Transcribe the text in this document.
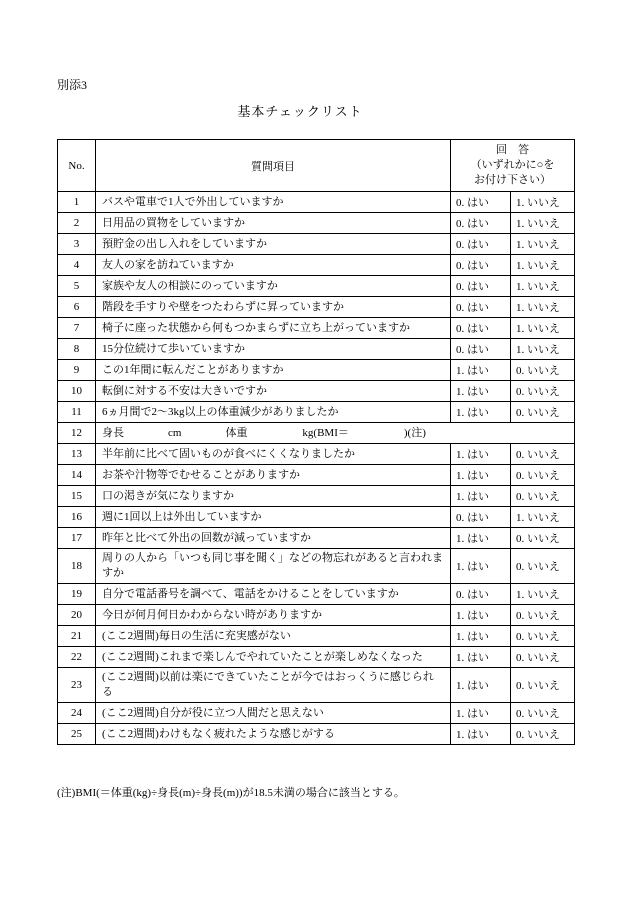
別添3
基本チェックリスト
No.	質問項目	回　答
（いずれかに○を
お付け下さい）	

1	バスや電車で1人で外出していますか	0. はい	1. いいえ
2	日用品の買物をしていますか	0. はい	1. いいえ
3	預貯金の出し入れをしていますか	0. はい	1. いいえ
4	友人の家を訪ねていますか	0. はい	1. いいえ
5	家族や友人の相談にのっていますか	0. はい	1. いいえ
6	階段を手すりや壁をつたわらずに昇っていますか	0. はい	1. いいえ
7	椅子に座った状態から何もつかまらずに立ち上がっていますか	0. はい	1. いいえ
8	15分位続けて歩いていますか	0. はい	1. いいえ
9	この1年間に転んだことがありますか	1. はい	0. いいえ
10	転倒に対する不安は大きいですか	1. はい	0. いいえ
11	6ヵ月間で2～3kg以上の体重減少がありましたか	1. はい	0. いいえ
12	身長　　　　cm　　　　体重　　　　　kg(BMI＝　　　　　)(注)		
13	半年前に比べて固いものが食べにくくなりましたか	1. はい	0. いいえ
14	お茶や汁物等でむせることがありますか	1. はい	0. いいえ
15	口の渇きが気になりますか	1. はい	0. いいえ
16	週に1回以上は外出していますか	0. はい	1. いいえ
17	昨年と比べて外出の回数が減っていますか	1. はい	0. いいえ
18	周りの人から「いつも同じ事を聞く」などの物忘れがあると言われますか	1. はい	0. いいえ
19	自分で電話番号を調べて、電話をかけることをしていますか	0. はい	1. いいえ
20	今日が何月何日かわからない時がありますか	1. はい	0. いいえ
21	(ここ2週間)毎日の生活に充実感がない	1. はい	0. いいえ
22	(ここ2週間)これまで楽しんでやれていたことが楽しめなくなった	1. はい	0. いいえ
23	(ここ2週間)以前は楽にできていたことが今ではおっくうに感じられる	1. はい	0. いいえ
24	(ここ2週間)自分が役に立つ人間だと思えない	1. はい	0. いいえ
25	(ここ2週間)わけもなく疲れたような感じがする	1. はい	0. いいえ
(注)BMI(＝体重(kg)÷身長(m)÷身長(m))が18.5未満の場合に該当とする。
